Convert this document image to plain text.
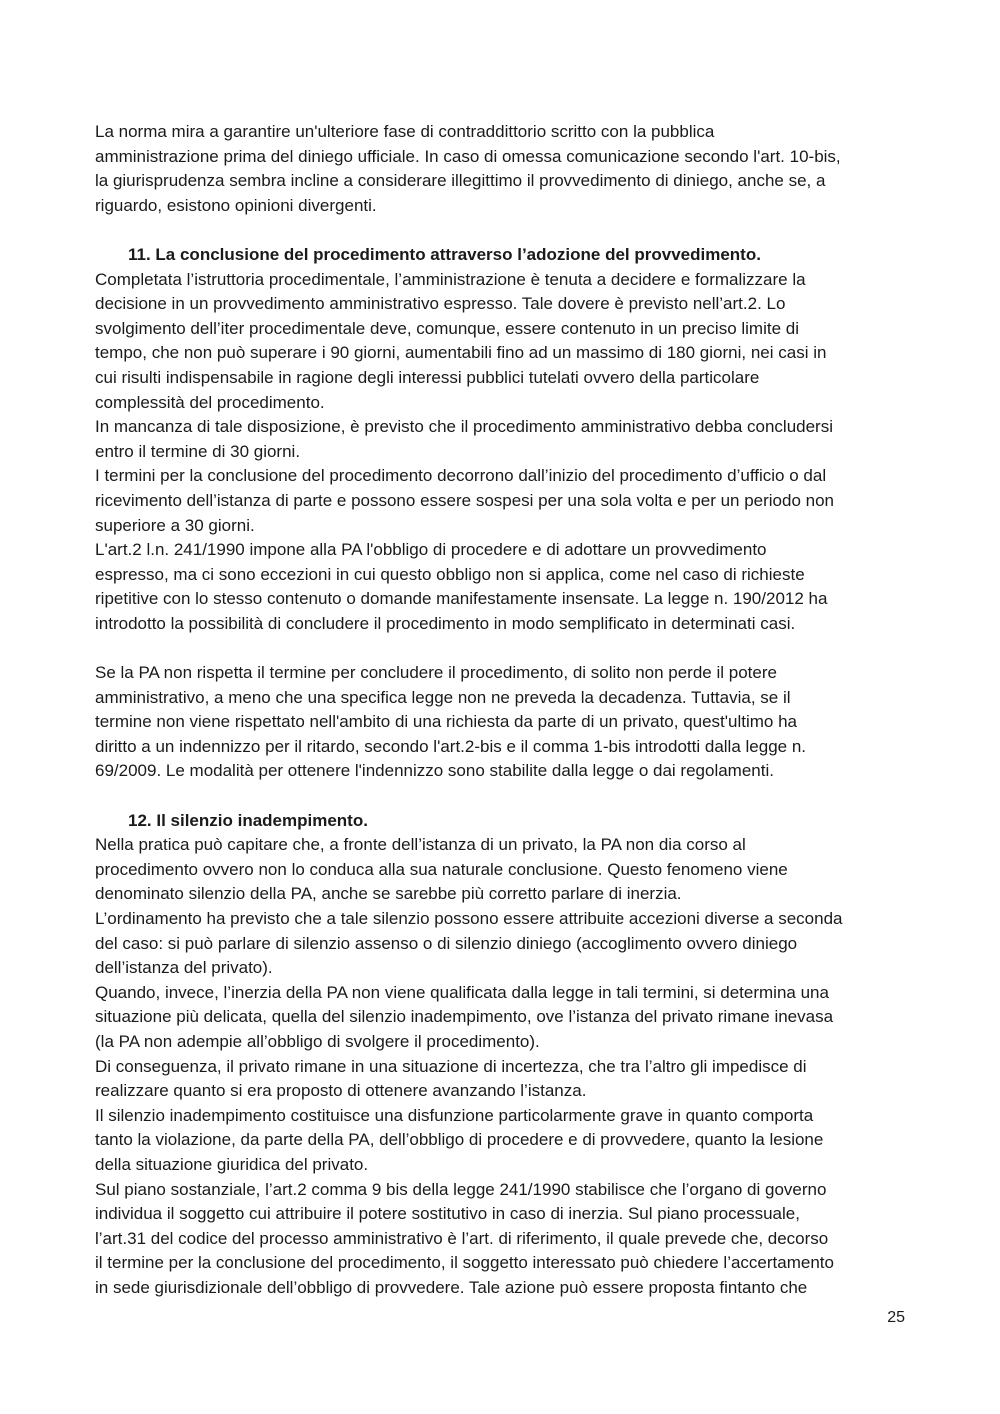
La norma mira a garantire un'ulteriore fase di contraddittorio scritto con la pubblica
amministrazione prima del diniego ufficiale. In caso di omessa comunicazione secondo l'art. 10-bis,
la giurisprudenza sembra incline a considerare illegittimo il provvedimento di diniego, anche se, a
riguardo, esistono opinioni divergenti.

11. La conclusione del procedimento attraverso l’adozione del provvedimento.

Completata l’istruttoria procedimentale, l’amministrazione è tenuta a decidere e formalizzare la
decisione in un provvedimento amministrativo espresso. Tale dovere è previsto nell’art.2. Lo
svolgimento dell’iter procedimentale deve, comunque, essere contenuto in un preciso limite di
tempo, che non può superare i 90 giorni, aumentabili fino ad un massimo di 180 giorni, nei casi in
cui risulti indispensabile in ragione degli interessi pubblici tutelati ovvero della particolare
complessità del procedimento.

In mancanza di tale disposizione, è previsto che il procedimento amministrativo debba concludersi
entro il termine di 30 giorni.

I termini per la conclusione del procedimento decorrono dall’inizio del procedimento d’ufficio o dal
ricevimento dell’istanza di parte e possono essere sospesi per una sola volta e per un periodo non
superiore a 30 giorni.

L'art.2 l.n. 241/1990 impone alla PA l'obbligo di procedere e di adottare un provvedimento
espresso, ma ci sono eccezioni in cui questo obbligo non si applica, come nel caso di richieste
ripetitive con lo stesso contenuto o domande manifestamente insensate. La legge n. 190/2012 ha
introdotto la possibilità di concludere il procedimento in modo semplificato in determinati casi.

Se la PA non rispetta il termine per concludere il procedimento, di solito non perde il potere
amministrativo, a meno che una specifica legge non ne preveda la decadenza. Tuttavia, se il
termine non viene rispettato nell'ambito di una richiesta da parte di un privato, quest'ultimo ha
diritto a un indennizzo per il ritardo, secondo l'art.2-bis e il comma 1-bis introdotti dalla legge n.
69/2009. Le modalità per ottenere l'indennizzo sono stabilite dalla legge o dai regolamenti.

12. Il silenzio inadempimento.

Nella pratica può capitare che, a fronte dell’istanza di un privato, la PA non dia corso al
procedimento ovvero non lo conduca alla sua naturale conclusione. Questo fenomeno viene
denominato silenzio della PA, anche se sarebbe più corretto parlare di inerzia.

L’ordinamento ha previsto che a tale silenzio possono essere attribuite accezioni diverse a seconda
del caso: si può parlare di silenzio assenso o di silenzio diniego (accoglimento ovvero diniego
dell’istanza del privato).

Quando, invece, l’inerzia della PA non viene qualificata dalla legge in tali termini, si determina una
situazione più delicata, quella del silenzio inadempimento, ove l’istanza del privato rimane inevasa
(la PA non adempie all’obbligo di svolgere il procedimento).

Di conseguenza, il privato rimane in una situazione di incertezza, che tra l’altro gli impedisce di
realizzare quanto si era proposto di ottenere avanzando l’istanza.

Il silenzio inadempimento costituisce una disfunzione particolarmente grave in quanto comporta
tanto la violazione, da parte della PA, dell’obbligo di procedere e di provvedere, quanto la lesione
della situazione giuridica del privato.

Sul piano sostanziale, l’art.2 comma 9 bis della legge 241/1990 stabilisce che l’organo di governo
individua il soggetto cui attribuire il potere sostitutivo in caso di inerzia. Sul piano processuale,
l’art.31 del codice del processo amministrativo è l’art. di riferimento, il quale prevede che, decorso
il termine per la conclusione del procedimento, il soggetto interessato può chiedere l’accertamento
in sede giurisdizionale dell’obbligo di provvedere. Tale azione può essere proposta fintanto che

25
